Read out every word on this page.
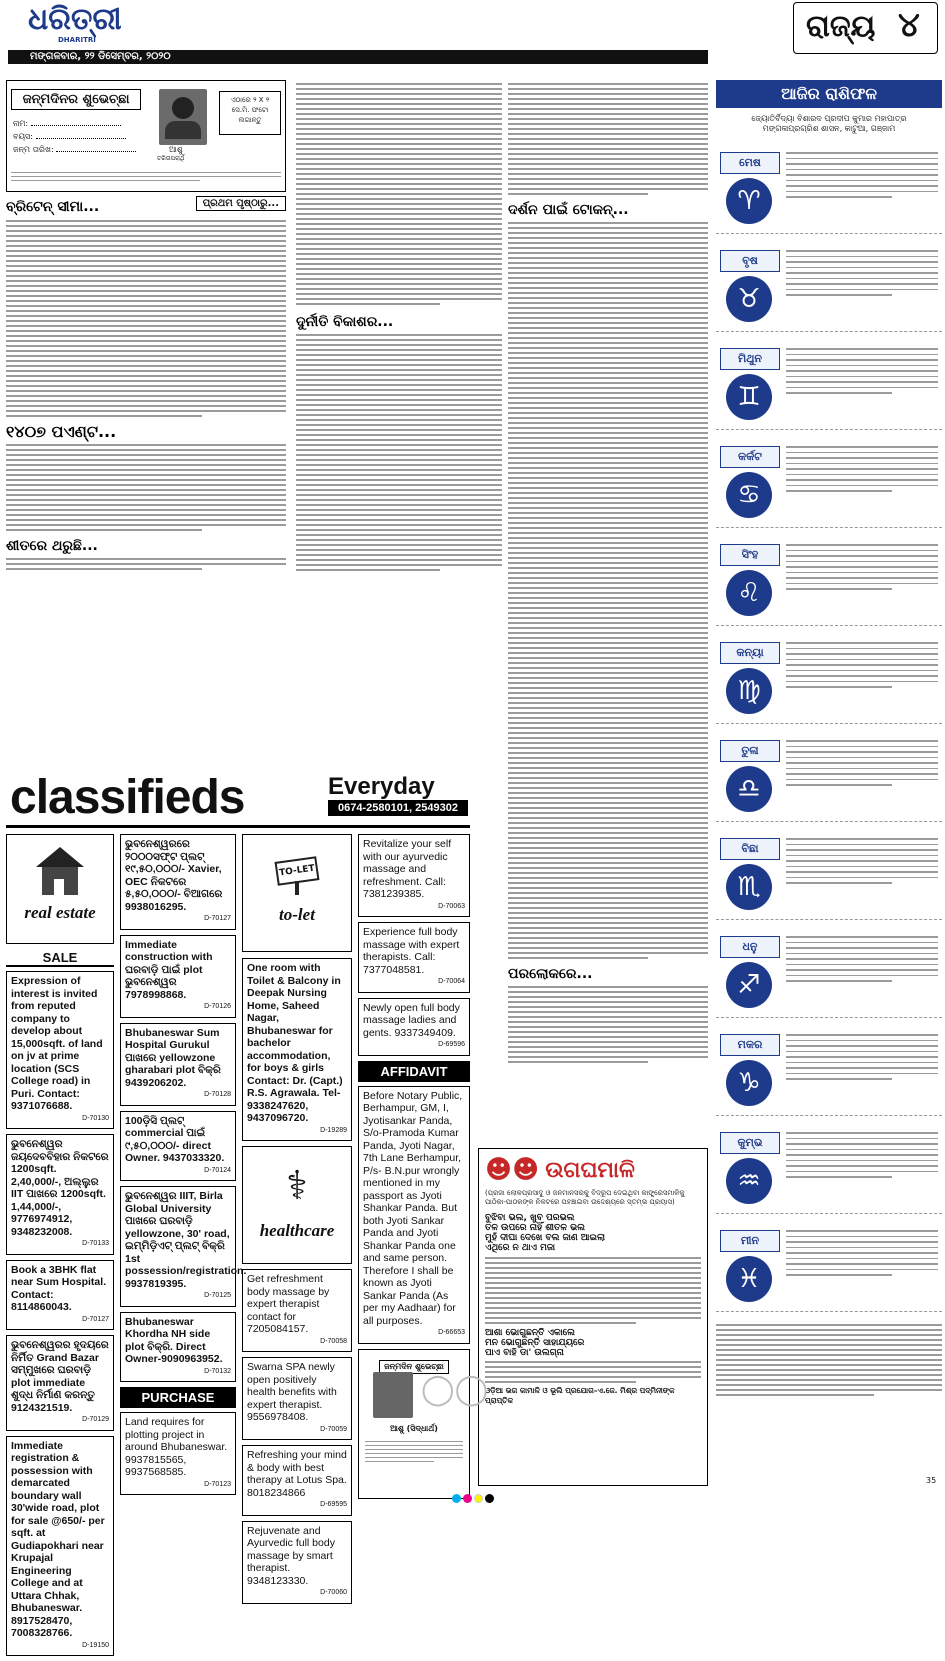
ଧରିତ୍ରୀ
DHARITRI
ମଙ୍ଗଳବାର, ୨୨ ଡିସେମ୍ବର, ୨୦୨୦
ରାଜ୍ୟ ୪
ଜନ୍ମଦିନର ଶୁଭେଚ୍ଛା
ନାମ:
ବୟସ:
ଜନ୍ମ ତାରିଖ:	ଆଶୁ
ତରିତାପରାର୍ଥି
ଏଠାରେ ୨ X ୨ ସେ.ମି. ଫଟୋ ଲଗାନ୍ତୁ
ବ୍ରିଟେନ୍ ସୀମା...	ପ୍ରଥମ ପୃଷ୍ଠାରୁ...
୧୪୦୭ ପଏଣ୍ଟ...
ଶୀତରେ ଥରୁଛି...
ଦୁର୍ନୀତି ବିକାଶର...
ଦର୍ଶନ ପାଇଁ ଟୋକନ୍...
ପରଲୋକରେ...
☻☻ ଉଗଘମାଳି
(ପ୍ରଜା ଲୋକପ୍ରସାଦୁ ଓ ଜନମାନସରକୁ ବିଦ୍ରୂପ ଦେଇଥିବା କାଙ୍ଗ୍ରେସମାଳିକୁ ପାଠିକା-ପାଠକଙ୍କ ନିକଟରେ ପହଞ୍ଚାଇବା ଉଦ୍ଦେଶ୍ୟରେ ସ୍ତମ୍ଭ ପ୍ରୟାସ)
ବୁଝିବା ଭଲ, ଖୁବ ପରଭଲ
ତଳ ଉପରେ ନାହିଁ ଶୀତଳ ଭଲ
ମୁହଁ ଦୀଘା ଦେଖେ ବଲ ଜାଣ ଆଇଲା
ଏଥିରେ ନ ଥାଏ ମଜା
ଆଶା ଭୋଗୁଛନ୍ତି ଏକାଲେ
ମନ ଭୋଗୁଛନ୍ତି ସାହାଯ୍ୟରେ
ପାଏ ବାହି ଡା' ଉଲଗ୍ନା
ଓଡ଼ିଆ ଭଗ କାମାଳି ଓ ଭୂଲି ପ୍ରଯୋଗ–ଏ.ଜେ. ମିଶ୍ର ପଦ୍ମିନୀଙ୍କ ପ୍ରାପ୍ତିକ
ଆଜିର ରାଶିଫଳ
ଜ୍ୟୋତିର୍ବିଦ୍ୟା ବିଶାରଦ ପ୍ରଦୀପ କୁମାର ମହାପାତ୍ର
ମଙ୍ଗଳାପ୍ରଗ୍ରିଶ ଶାସନ, କାଟୁଆ, ଗଞ୍ଜାମ
ମେଷ
♈
ବୃଷ
♉
ମିଥୁନ
♊
କର୍କଟ
♋
ସିଂହ
♌
କନ୍ୟା
♍
ତୁଳା
♎
ବିଛା
♏
ଧନୁ
♐
ମକର
♑
କୁମ୍ଭ
♒
ମୀନ
♓
classifieds	Everyday
0674-2580101, 2549302
real estate
SALE
Expression of interest is invited from reputed company to develop about 15,000sqft. of land on jv at prime location (SCS College road) in Puri. Contact: 9371076688.
D-70130
ଭୁବନେଶ୍ୱର ଜୟଦେବବିହାର ନିକଟରେ 1200sqft. 2,40,000/-, ଅଲ୍ଲୁର IIT ପାଖରେ 1200sqft. 1,44,000/-, 9776974912, 9348232008.
D-70133
Book a 3BHK flat near Sum Hospital. Contact: 8114860043.
D-70127
ଭୁବନେଶ୍ୱରର ହୃଦୟରେ ନିର୍ମିତ Grand Bazar ସମ୍ମୁଖରେ ଘରବାଡ଼ି plot immediate ଶୁଦ୍ଧ ନିର୍ମାଣ କରନ୍ତୁ 9124321519.
D-70129
Immediate registration & possession with demarcated boundary wall 30'wide road, plot for sale @650/- per sqft. at Gudiapokhari near Krupajal Engineering College and at Uttara Chhak, Bhubaneswar. 8917528470, 7008328766.
D-19150
ଭୁବନେଶ୍ୱରରେ ୨୦୦୦ସଫ୍ଟ ପ୍ଲଟ୍ ୧୯,୫୦,୦୦୦/- Xavier, OEC ନିକଟରେ ୫,୫୦,୦୦୦/- ବିଆଗରେ 9938016295.
D-70127
Immediate construction with ଘରବାଡ଼ି ପାଇଁ plot ଭୁବନେଶ୍ୱର 7978998868.
D-70126
Bhubaneswar Sum Hospital Gurukul ପାଖରେ yellowzone gharabari plot ବିକ୍ରି 9439206202.
D-70128
100ଡ଼ିସି ପ୍ଲଟ୍ commercial ପାଇଁ ୯,୫୦,୦୦୦/- direct Owner. 9437033320.
D-70124
ଭୁବନେଶ୍ୱର IIIT, Birla Global University ପାଖରେ ଘରବାଡ଼ି yellowzone, 30' road, ଇମ୍ମିଡ଼ିଏଟ୍ ପ୍ଲଟ୍ ବିକ୍ରି 1st possession/registration. 9937819395.
D-70125
Bhubaneswar Khordha NH side plot ବିକ୍ରି. Direct Owner-9090963952.
D-70132
PURCHASE
Land requires for plotting project in around Bhubaneswar. 9937815565, 9937568585.
D-70123
TO-LET
to-let
One room with Toilet & Balcony in Deepak Nursing Home, Saheed Nagar, Bhubaneswar for bachelor accommodation, for boys & girls Contact: Dr. (Capt.) R.S. Agrawala. Tel- 9338247620, 9437096720.
D-19289
⚕
healthcare
Get refreshment body massage by expert therapist contact for 7205084157.
D-70058
Swarna SPA newly open positively health benefits with expert therapist. 9556978408.
D-70059
Refreshing your mind & body with best therapy at Lotus Spa. 8018234866
D-69595
Rejuvenate and Ayurvedic full body massage by smart therapist. 9348123330.
D-70060
Revitalize your self with our ayurvedic massage and refreshment. Call: 7381239385.
D-70063
Experience full body massage with expert therapists. Call: 7377048581.
D-70064
Newly open full body massage ladies and gents. 9337349409.
D-69596
AFFIDAVIT
Before Notary Public, Berhampur, GM, I, Jyotisankar Panda, S/o-Pramoda Kumar Panda, Jyoti Nagar, 7th Lane Berhampur, P/s- B.N.pur wrongly mentioned in my passport as Jyoti Shankar Panda. But both Jyoti Sankar Panda and Jyoti Shankar Panda one and same person. Therefore I shall be known as Jyoti Sankar Panda (As per my Aadhaar) for all purposes.
D-66653
ଜନ୍ମଦିନ ଶୁଭେଚ୍ଛା
◯◯
ଆଶୁ (ସିଦ୍ଧାର୍ଥ)
35
